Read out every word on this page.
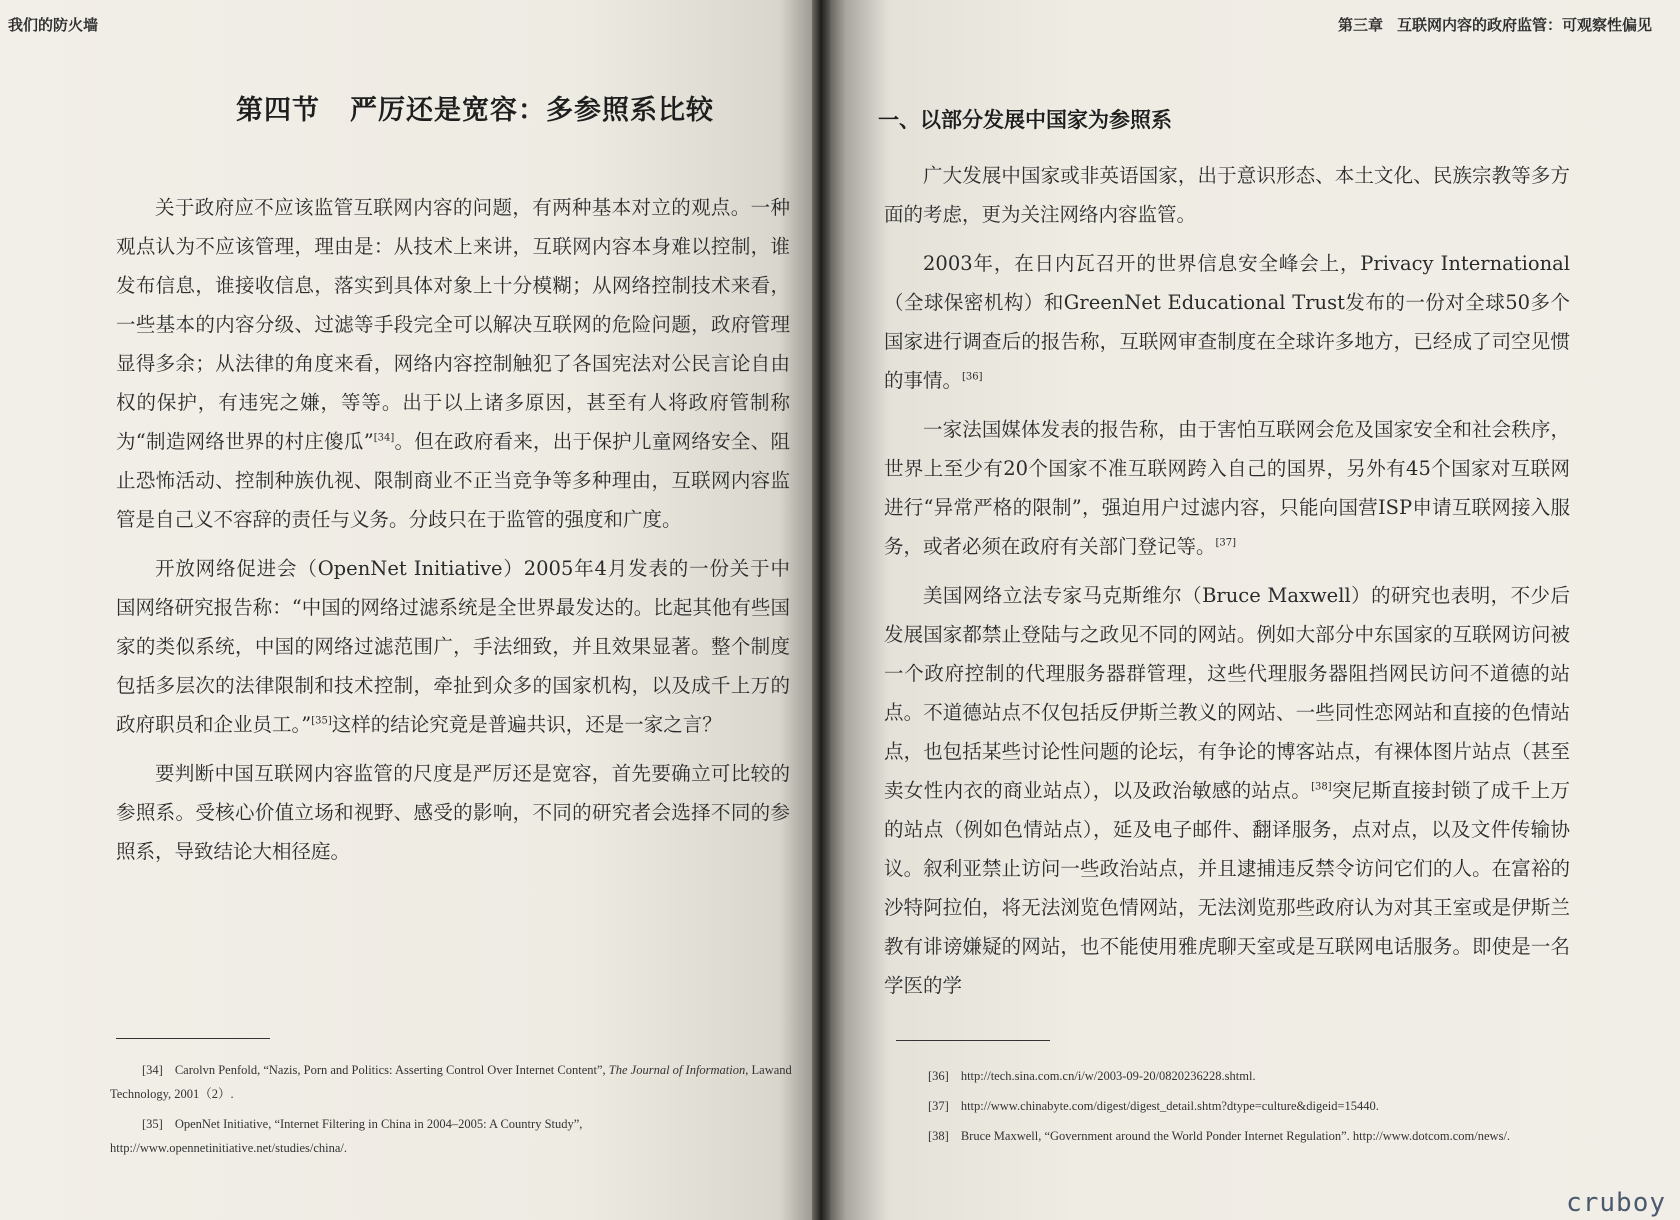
我们的防火墙
第四节 严厉还是宽容：多参照系比较

关于政府应不应该监管互联网内容的问题，有两种基本对立的观点。一种观点认为不应该管理，理由是：从技术上来讲，互联网内容本身难以控制，谁发布信息，谁接收信息，落实到具体对象上十分模糊；从网络控制技术来看，一些基本的内容分级、过滤等手段完全可以解决互联网的危险问题，政府管理显得多余；从法律的角度来看，网络内容控制触犯了各国宪法对公民言论自由权的保护，有违宪之嫌，等等。出于以上诸多原因，甚至有人将政府管制称为“制造网络世界的村庄傻瓜”[34]。但在政府看来，出于保护儿童网络安全、阻止恐怖活动、控制种族仇视、限制商业不正当竞争等多种理由，互联网内容监管是自己义不容辞的责任与义务。分歧只在于监管的强度和广度。

开放网络促进会（OpenNet Initiative）2005年4月发表的一份关于中国网络研究报告称：“中国的网络过滤系统是全世界最发达的。比起其他有些国家的类似系统，中国的网络过滤范围广，手法细致，并且效果显著。整个制度包括多层次的法律限制和技术控制，牵扯到众多的国家机构，以及成千上万的政府职员和企业员工。”[35]这样的结论究竟是普遍共识，还是一家之言？

要判断中国互联网内容监管的尺度是严厉还是宽容，首先要确立可比较的参照系。受核心价值立场和视野、感受的影响，不同的研究者会选择不同的参照系，导致结论大相径庭。

[34] Carolvn Penfold, “Nazis, Porn and Politics: Asserting Control Over Internet Content”, The Journal of Information, Lawand Technology, 2001（2）.
[35] OpenNet Initiative, “Internet Filtering in China in 2004–2005: A Country Study”, http://www.opennetinitiative.net/studies/china/.
第三章 互联网内容的政府监管：可观察性偏见
一、以部分发展中国家为参照系

广大发展中国家或非英语国家，出于意识形态、本土文化、民族宗教等多方面的考虑，更为关注网络内容监管。

2003年，在日内瓦召开的世界信息安全峰会上，Privacy International（全球保密机构）和GreenNet Educational Trust发布的一份对全球50多个国家进行调查后的报告称，互联网审查制度在全球许多地方，已经成了司空见惯的事情。[36]

一家法国媒体发表的报告称，由于害怕互联网会危及国家安全和社会秩序，世界上至少有20个国家不准互联网跨入自己的国界，另外有45个国家对互联网进行“异常严格的限制”，强迫用户过滤内容，只能向国营ISP申请互联网接入服务，或者必须在政府有关部门登记等。[37]

美国网络立法专家马克斯维尔（Bruce Maxwell）的研究也表明，不少后发展国家都禁止登陆与之政见不同的网站。例如大部分中东国家的互联网访问被一个政府控制的代理服务器群管理，这些代理服务器阻挡网民访问不道德的站点。不道德站点不仅包括反伊斯兰教义的网站、一些同性恋网站和直接的色情站点，也包括某些讨论性问题的论坛，有争论的博客站点，有裸体图片站点（甚至卖女性内衣的商业站点），以及政治敏感的站点。[38]突尼斯直接封锁了成千上万的站点（例如色情站点），延及电子邮件、翻译服务，点对点，以及文件传输协议。叙利亚禁止访问一些政治站点，并且逮捕违反禁令访问它们的人。在富裕的沙特阿拉伯，将无法浏览色情网站，无法浏览那些政府认为对其王室或是伊斯兰教有诽谤嫌疑的网站，也不能使用雅虎聊天室或是互联网电话服务。即使是一名学医的学

[36] http://tech.sina.com.cn/i/w/2003-09-20/0820236228.shtml.
[37] http://www.chinabyte.com/digest/digest_detail.shtm?dtype=culture&digeid=15440.
[38] Bruce Maxwell, “Government around the World Ponder Internet Regulation”. http://www.dotcom.com/news/.
cruboy
